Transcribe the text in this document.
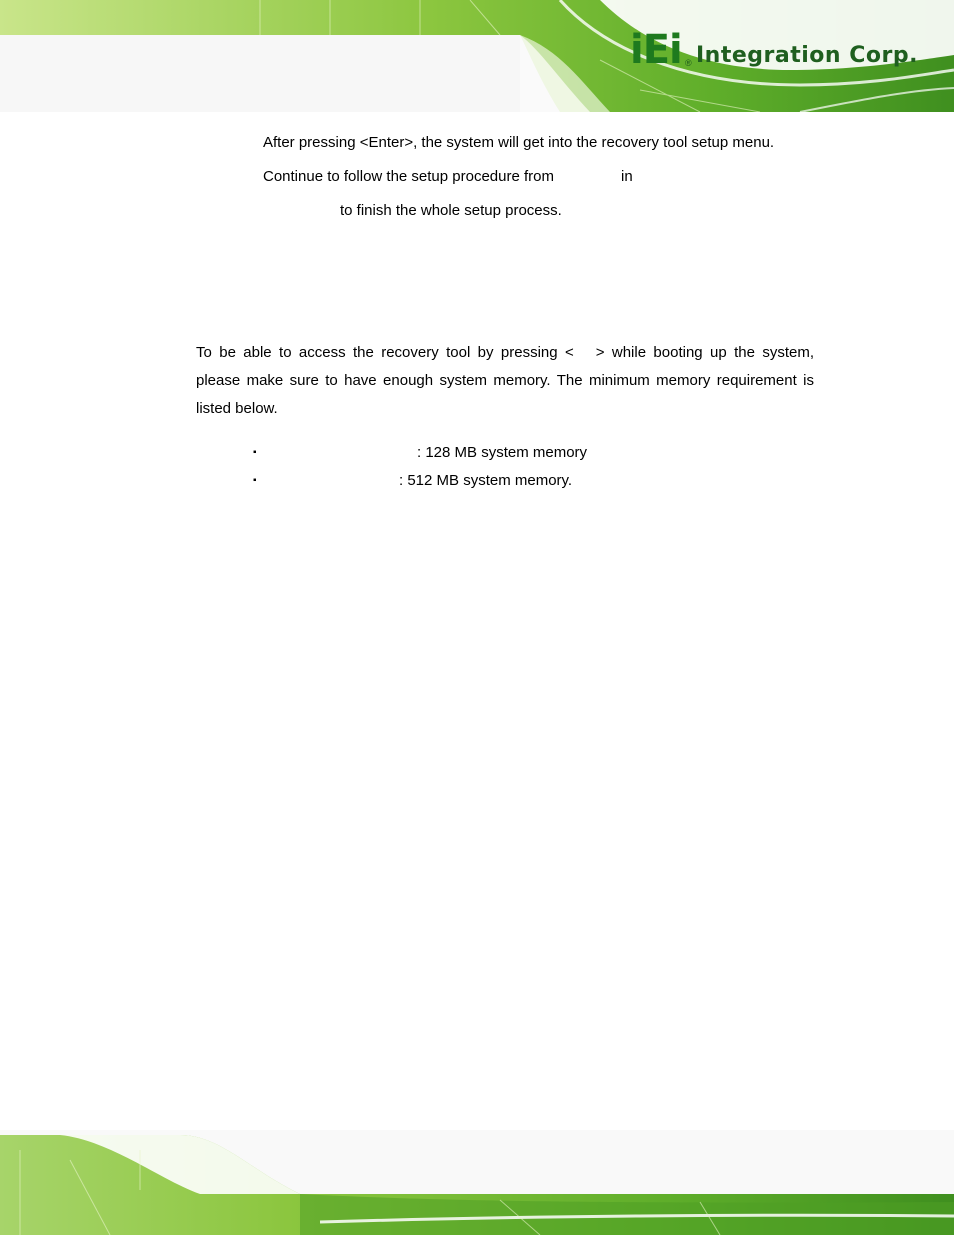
iEi ® Integration Corp.
After pressing <Enter>, the system will get into the recovery tool setup menu.
Continue to follow the setup procedure from	in
to finish the whole setup process.
To be able to access the recovery tool by pressing < > while booting up the system, please make sure to have enough system memory. The minimum memory requirement is listed below.
▪	: 128 MB system memory
▪	: 512 MB system memory.
